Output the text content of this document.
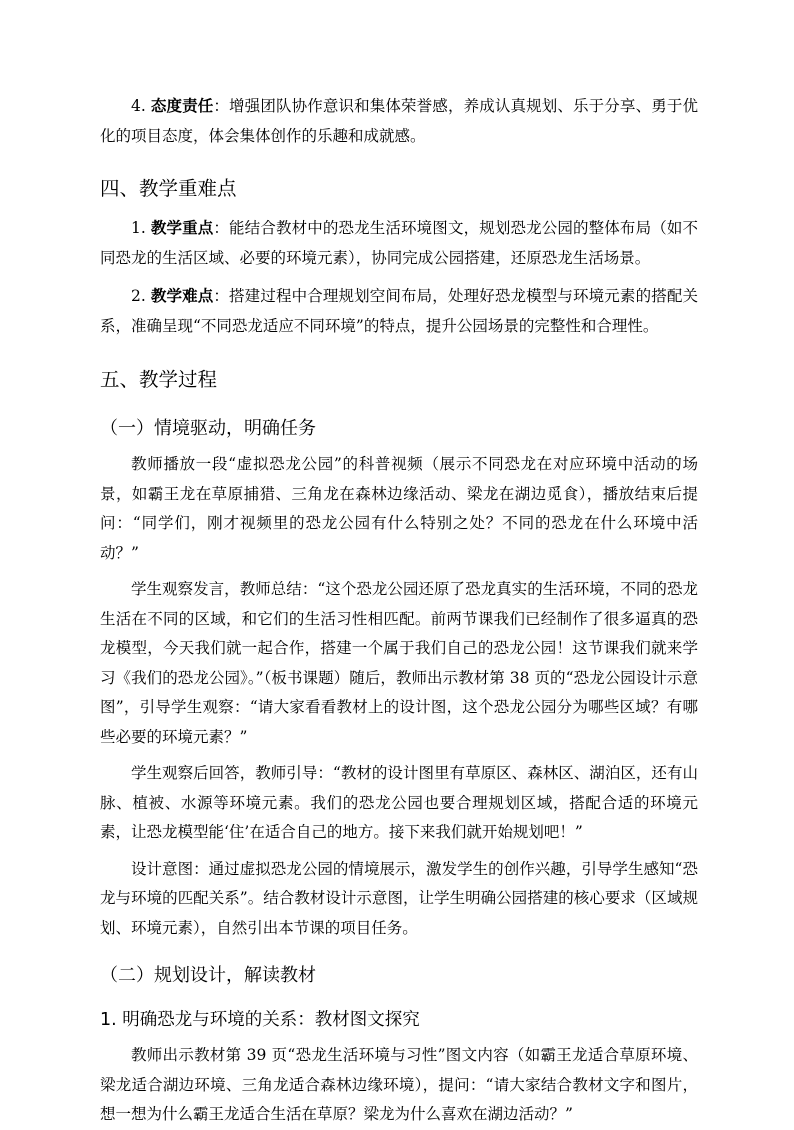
4. 态度责任：增强团队协作意识和集体荣誉感，养成认真规划、乐于分享、勇于优化的项目态度，体会集体创作的乐趣和成就感。

四、教学重难点

1. 教学重点：能结合教材中的恐龙生活环境图文，规划恐龙公园的整体布局（如不同恐龙的生活区域、必要的环境元素），协同完成公园搭建，还原恐龙生活场景。

2. 教学难点：搭建过程中合理规划空间布局，处理好恐龙模型与环境元素的搭配关系，准确呈现“不同恐龙适应不同环境”的特点，提升公园场景的完整性和合理性。

五、教学过程
（一）情境驱动，明确任务

教师播放一段“虚拟恐龙公园”的科普视频（展示不同恐龙在对应环境中活动的场景，如霸王龙在草原捕猎、三角龙在森林边缘活动、梁龙在湖边觅食），播放结束后提问：“同学们，刚才视频里的恐龙公园有什么特别之处？不同的恐龙在什么环境中活动？”

学生观察发言，教师总结：“这个恐龙公园还原了恐龙真实的生活环境，不同的恐龙生活在不同的区域，和它们的生活习性相匹配。前两节课我们已经制作了很多逼真的恐龙模型，今天我们就一起合作，搭建一个属于我们自己的恐龙公园！这节课我们就来学习《我们的恐龙公园》。”（板书课题）随后，教师出示教材第 38 页的“恐龙公园设计示意图”，引导学生观察：“请大家看看教材上的设计图，这个恐龙公园分为哪些区域？有哪些必要的环境元素？”

学生观察后回答，教师引导：“教材的设计图里有草原区、森林区、湖泊区，还有山脉、植被、水源等环境元素。我们的恐龙公园也要合理规划区域，搭配合适的环境元素，让恐龙模型能‘住’在适合自己的地方。接下来我们就开始规划吧！”

设计意图：通过虚拟恐龙公园的情境展示，激发学生的创作兴趣，引导学生感知“恐龙与环境的匹配关系”。结合教材设计示意图，让学生明确公园搭建的核心要求（区域规划、环境元素），自然引出本节课的项目任务。

（二）规划设计，解读教材
1. 明确恐龙与环境的关系：教材图文探究

教师出示教材第 39 页“恐龙生活环境与习性”图文内容（如霸王龙适合草原环境、梁龙适合湖边环境、三角龙适合森林边缘环境），提问：“请大家结合教材文字和图片，想一想为什么霸王龙适合生活在草原？梁龙为什么喜欢在湖边活动？”
